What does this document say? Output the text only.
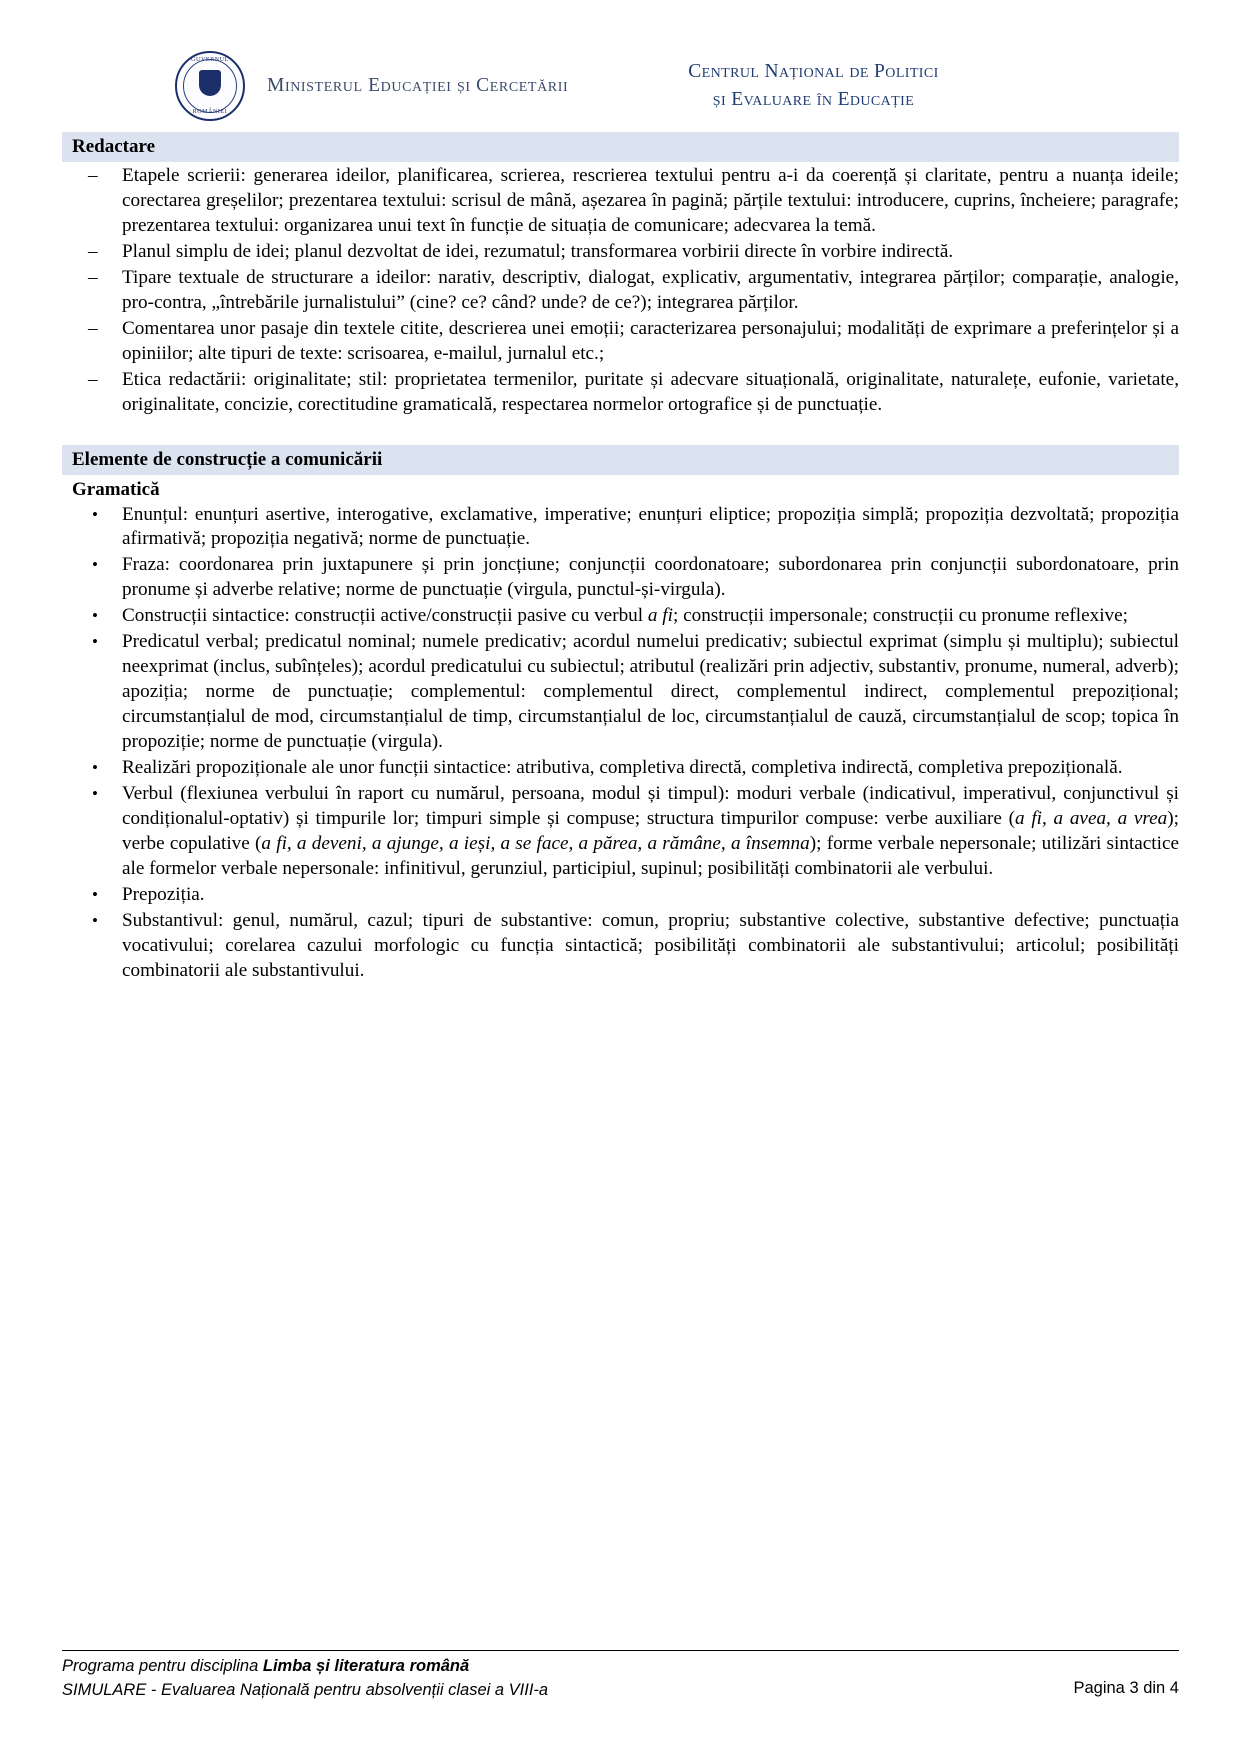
GUVERNUL
ROMÂNIEI
Ministerul Educației și Cercetării
Centrul Național de Politici
și Evaluare în Educație
Redactare
– Etapele scrierii: generarea ideilor, planificarea, scrierea, rescrierea textului pentru a-i da coerență și claritate, pentru a nuanța ideile; corectarea greșelilor; prezentarea textului: scrisul de mână, așezarea în pagină; părțile textului: introducere, cuprins, încheiere; paragrafe; prezentarea textului: organizarea unui text în funcție de situația de comunicare; adecvarea la temă.
– Planul simplu de idei; planul dezvoltat de idei, rezumatul; transformarea vorbirii directe în vorbire indirectă.
– Tipare textuale de structurare a ideilor: narativ, descriptiv, dialogat, explicativ, argumentativ, integrarea părților; comparație, analogie, pro-contra, „întrebările jurnalistului” (cine? ce? când? unde? de ce?); integrarea părților.
– Comentarea unor pasaje din textele citite, descrierea unei emoții; caracterizarea personajului; modalități de exprimare a preferințelor și a opiniilor; alte tipuri de texte: scrisoarea, e-mailul, jurnalul etc.;
– Etica redactării: originalitate; stil: proprietatea termenilor, puritate și adecvare situațională, originalitate, naturalețe, eufonie, varietate, originalitate, concizie, corectitudine gramaticală, respectarea normelor ortografice și de punctuație.
Elemente de construcție a comunicării
Gramatică
• Enunțul: enunțuri asertive, interogative, exclamative, imperative; enunțuri eliptice; propoziția simplă; propoziția dezvoltată; propoziția afirmativă; propoziția negativă; norme de punctuație.
• Fraza: coordonarea prin juxtapunere și prin joncțiune; conjuncții coordonatoare; subordonarea prin conjuncții subordonatoare, prin pronume și adverbe relative; norme de punctuație (virgula, punctul-și-virgula).
• Construcții sintactice: construcții active/construcții pasive cu verbul a fi; construcții impersonale; construcții cu pronume reflexive;
• Predicatul verbal; predicatul nominal; numele predicativ; acordul numelui predicativ; subiectul exprimat (simplu și multiplu); subiectul neexprimat (inclus, subînțeles); acordul predicatului cu subiectul; atributul (realizări prin adjectiv, substantiv, pronume, numeral, adverb); apoziția; norme de punctuație; complementul: complementul direct, complementul indirect, complementul prepozițional; circumstanțialul de mod, circumstanțialul de timp, circumstanțialul de loc, circumstanțialul de cauză, circumstanțialul de scop; topica în propoziție; norme de punctuație (virgula).
• Realizări propoziționale ale unor funcții sintactice: atributiva, completiva directă, completiva indirectă, completiva prepozițională.
• Verbul (flexiunea verbului în raport cu numărul, persoana, modul și timpul): moduri verbale (indicativul, imperativul, conjunctivul și condiționalul-optativ) și timpurile lor; timpuri simple și compuse; structura timpurilor compuse: verbe auxiliare (a fi, a avea, a vrea); verbe copulative (a fi, a deveni, a ajunge, a ieși, a se face, a părea, a rămâne, a însemna); forme verbale nepersonale; utilizări sintactice ale formelor verbale nepersonale: infinitivul, gerunziul, participiul, supinul; posibilități combinatorii ale verbului.
• Prepoziția.
• Substantivul: genul, numărul, cazul; tipuri de substantive: comun, propriu; substantive colective, substantive defective; punctuația vocativului; corelarea cazului morfologic cu funcția sintactică; posibilități combinatorii ale substantivului; articolul; posibilități combinatorii ale substantivului.
Programa pentru disciplina Limba și literatura română
SIMULARE - Evaluarea Națională pentru absolvenții clasei a VIII-a	Pagina 3 din 4
